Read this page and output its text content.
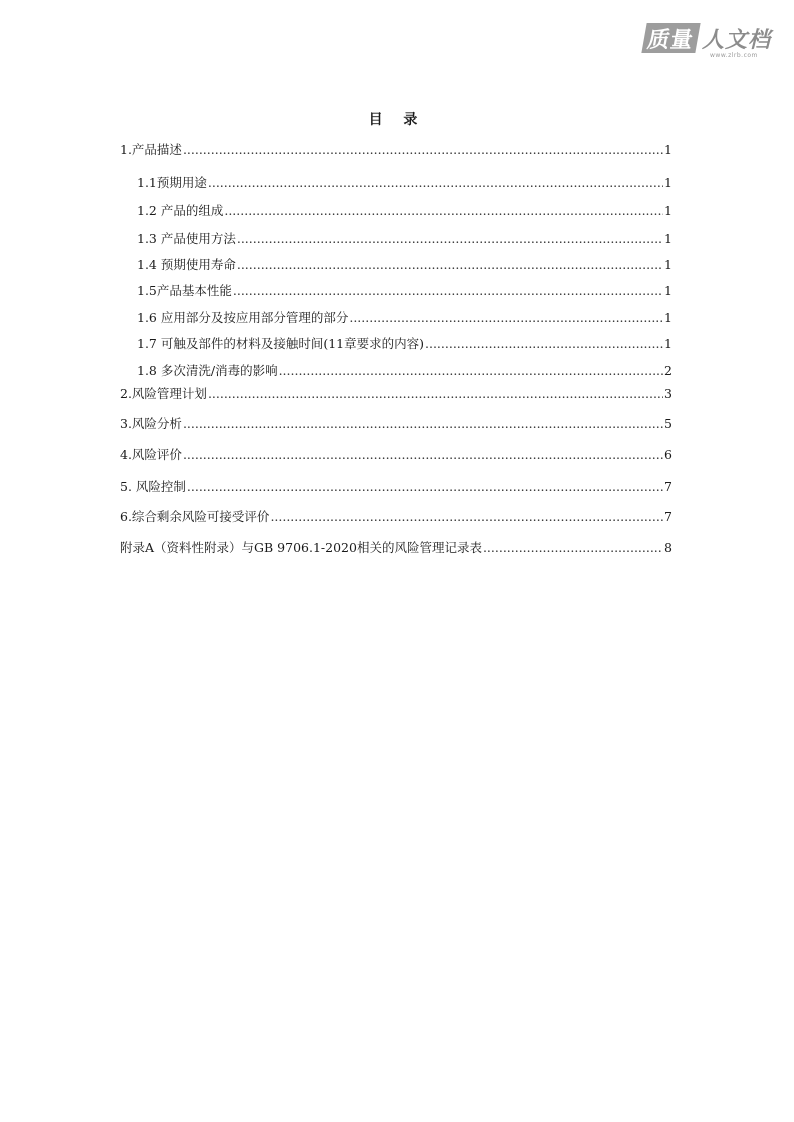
质量 人文档
www.zlrb.com
目 录
1.产品描述 .....	1
1.1预期用途 .....	1
1.2 产品的组成 .....	1
1.3 产品使用方法 .....	1
1.4 预期使用寿命 .....	1
1.5产品基本性能 .....	1
1.6 应用部分及按应用部分管理的部分 .....	1
1.7 可触及部件的材料及接触时间(11章要求的内容) .....	1
1.8 多次清洗/消毒的影响 .....	2
2.风险管理计划 .....	3
3.风险分析 .....	5
4.风险评价 .....	6
5. 风险控制 .....	7
6.综合剩余风险可接受评价 .....	7
附录A（资料性附录）与GB 9706.1-2020相关的风险管理记录表 .....	8
